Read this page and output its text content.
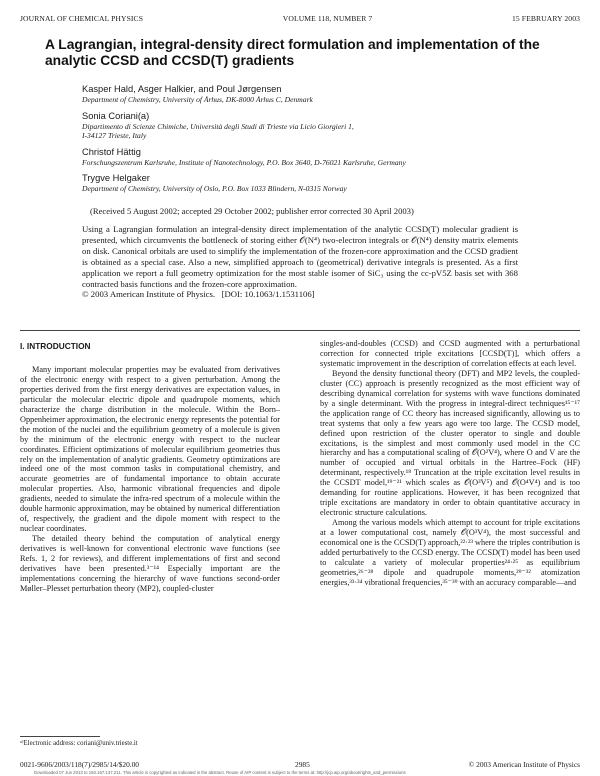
JOURNAL OF CHEMICAL PHYSICS	VOLUME 118, NUMBER 7	15 FEBRUARY 2003
A Lagrangian, integral-density direct formulation and implementation of the analytic CCSD and CCSD(T) gradients
Kasper Hald, Asger Halkier, and Poul Jørgensen
Department of Chemistry, University of Århus, DK-8000 Århus C, Denmark
Sonia Coriani(a)
Dipartimento di Scienze Chimiche, Università degli Studi di Trieste via Licio Giorgieri 1,
I-34127 Trieste, Italy
Christof Hättig
Forschungszentrum Karlsruhe, Institute of Nanotechnology, P.O. Box 3640, D-76021 Karlsruhe, Germany
Trygve Helgaker
Department of Chemistry, University of Oslo, P.O. Box 1033 Blindern, N-0315 Norway
(Received 5 August 2002; accepted 29 October 2002; publisher error corrected 30 April 2003)

Using a Lagrangian formulation an integral-density direct implementation of the analytic CCSD(T) molecular gradient is presented, which circumvents the bottleneck of storing either 𝒪(N⁴) two-electron integrals or 𝒪(N⁴) density matrix elements on disk. Canonical orbitals are used to simplify the implementation of the frozen-core approximation and the CCSD gradient is obtained as a special case. Also a new, simplified approach to (geometrical) derivative integrals is presented. As a first application we report a full geometry optimization for the most stable isomer of SiC₃ using the cc-pV5Z basis set with 368 contracted basis functions and the frozen-core approximation.

© 2003 American Institute of Physics. [DOI: 10.1063/1.1531106]
I. INTRODUCTION

Many important molecular properties may be evaluated from derivatives of the electronic energy with respect to a given perturbation. Among the properties derived from the first energy derivatives are expectation values, in particular the molecular electric dipole and quadrupole moments, which characterize the charge distribution in the molecule. Within the Born–Oppenheimer approximation, the electronic energy represents the potential for the motion of the nuclei and the equilibrium geometry of a molecule is given by the minimum of the electronic energy with respect to the nuclear coordinates. Efficient optimizations of molecular equilibrium geometries thus rely on the implementation of analytic gradients. Geometry optimizations are indeed one of the most common tasks in computational chemistry, and accurate geometries are of fundamental importance to obtain accurate molecular properties. Also, harmonic vibrational frequencies and dipole gradients, needed to simulate the infra-red spectrum of a molecule within the double harmonic approximation, may be obtained by numerical differentiation of, respectively, the gradient and the dipole moment with respect to the nuclear coordinates.

The detailed theory behind the computation of analytical energy derivatives is well-known for conventional electronic wave functions (see Refs. 1, 2 for reviews), and different implementations of first and second derivatives have been presented.³⁻¹⁴ Especially important are the implementations concerning the hierarchy of wave functions second-order Møller–Plesset perturbation theory (MP2), coupled-cluster

singles-and-doubles (CCSD) and CCSD augmented with a perturbational correction for connected triple excitations [CCSD(T)], which offers a systematic improvement in the description of correlation effects at each level.

Beyond the density functional theory (DFT) and MP2 levels, the coupled-cluster (CC) approach is presently recognized as the most efficient way of describing dynamical correlation for systems with wave functions dominated by a single determinant. With the progress in integral-direct techniques¹⁵⁻¹⁷ the application range of CC theory has increased significantly, allowing us to treat systems that only a few years ago were too large. The CCSD model, defined upon restriction of the cluster operator to single and double excitations, is the simplest and most commonly used model in the CC hierarchy and has a computational scaling of 𝒪(O²V⁴), where O and V are the number of occupied and virtual orbitals in the Hartree–Fock (HF) determinant, respectively.¹⁸ Truncation at the triple excitation level results in the CCSDT model,¹⁹⁻²¹ which scales as 𝒪(O³V⁵) and 𝒪(O⁴V⁴) and is too demanding for routine applications. However, it has been recognized that triple excitations are mandatory in order to obtain quantitative accuracy in electronic structure calculations.

Among the various models which attempt to account for triple excitations at a lower computational cost, namely 𝒪(O³V⁴), the most successful and economical one is the CCSD(T) approach,²²·²³ where the triples contribution is added perturbatively to the CCSD energy. The CCSD(T) model has been used to calculate a variety of molecular properties²⁴·²⁵ as equilibrium geometries,²⁶⁻²⁸ dipole and quadrupole moments,²⁹⁻³² atomization energies,³³·³⁴ vibrational frequencies,³⁵⁻³⁹ with an accuracy comparable—and

ᵃ⁾Electronic address: coriani@univ.trieste.it
0021-9606/2003/118(7)/2985/14/$20.00	2985	© 2003 American Institute of Physics
Downloaded 07 Jun 2013 to 193.157.137.211. This article is copyrighted as indicated in the abstract. Reuse of AIP content is subject to the terms at: http://jcp.aip.org/about/rights_and_permissions
